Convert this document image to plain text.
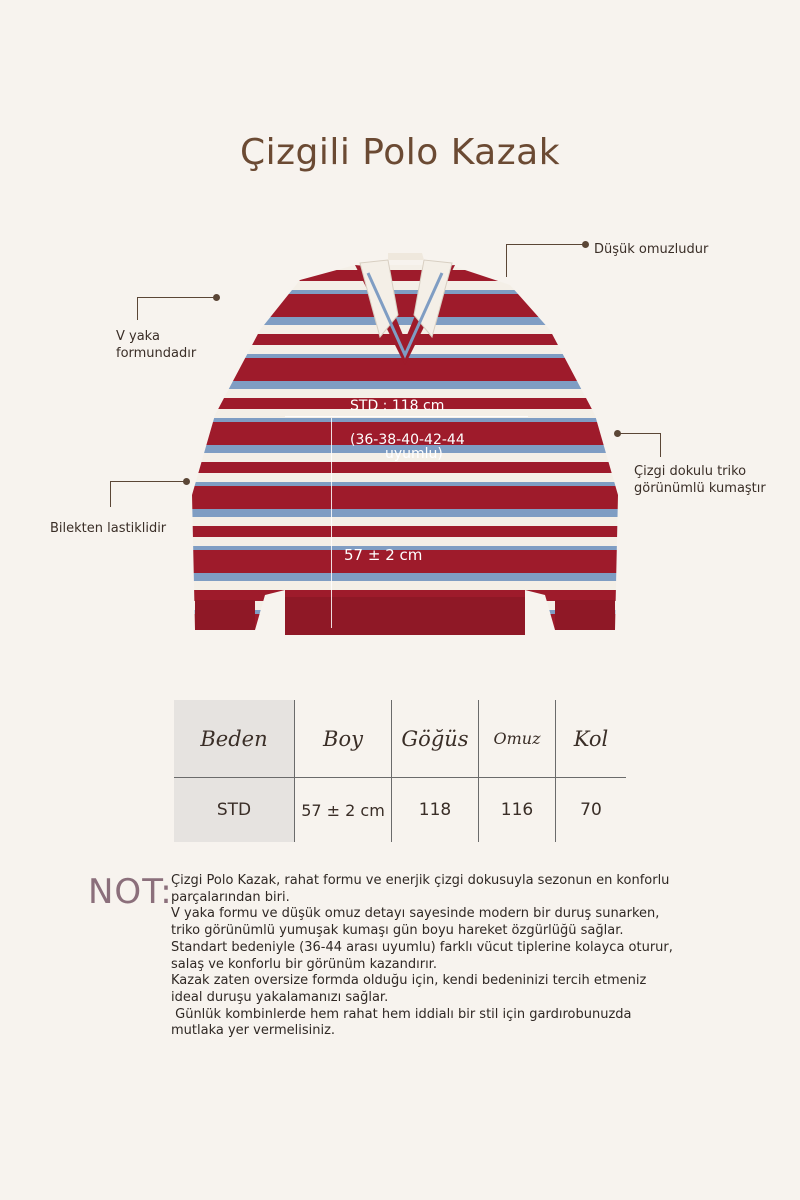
Çizgili Polo Kazak
Düşük omuzludur
V yaka
formundadır
Çizgi dokulu triko
görünümlü kumaştır
Bilekten lastiklidir
STD : 118 cm
(36-38-40-42-44
uyumlu)
57 ± 2 cm
Beden	Boy	Göğüs	Omuz	Kol
STD	57 ± 2 cm	118	116	70
NOT:
Çizgi Polo Kazak, rahat formu ve enerjik çizgi dokusuyla sezonun en konforlu
parçalarından biri.
V yaka formu ve düşük omuz detayı sayesinde modern bir duruş sunarken,
triko görünümlü yumuşak kumaşı gün boyu hareket özgürlüğü sağlar.
Standart bedeniyle (36-44 arası uyumlu) farklı vücut tiplerine kolayca oturur,
salaş ve konforlu bir görünüm kazandırır.
Kazak zaten oversize formda olduğu için, kendi bedeninizi tercih etmeniz
ideal duruşu yakalamanızı sağlar.
Günlük kombinlerde hem rahat hem iddialı bir stil için gardırobunuzda
mutlaka yer vermelisiniz.
